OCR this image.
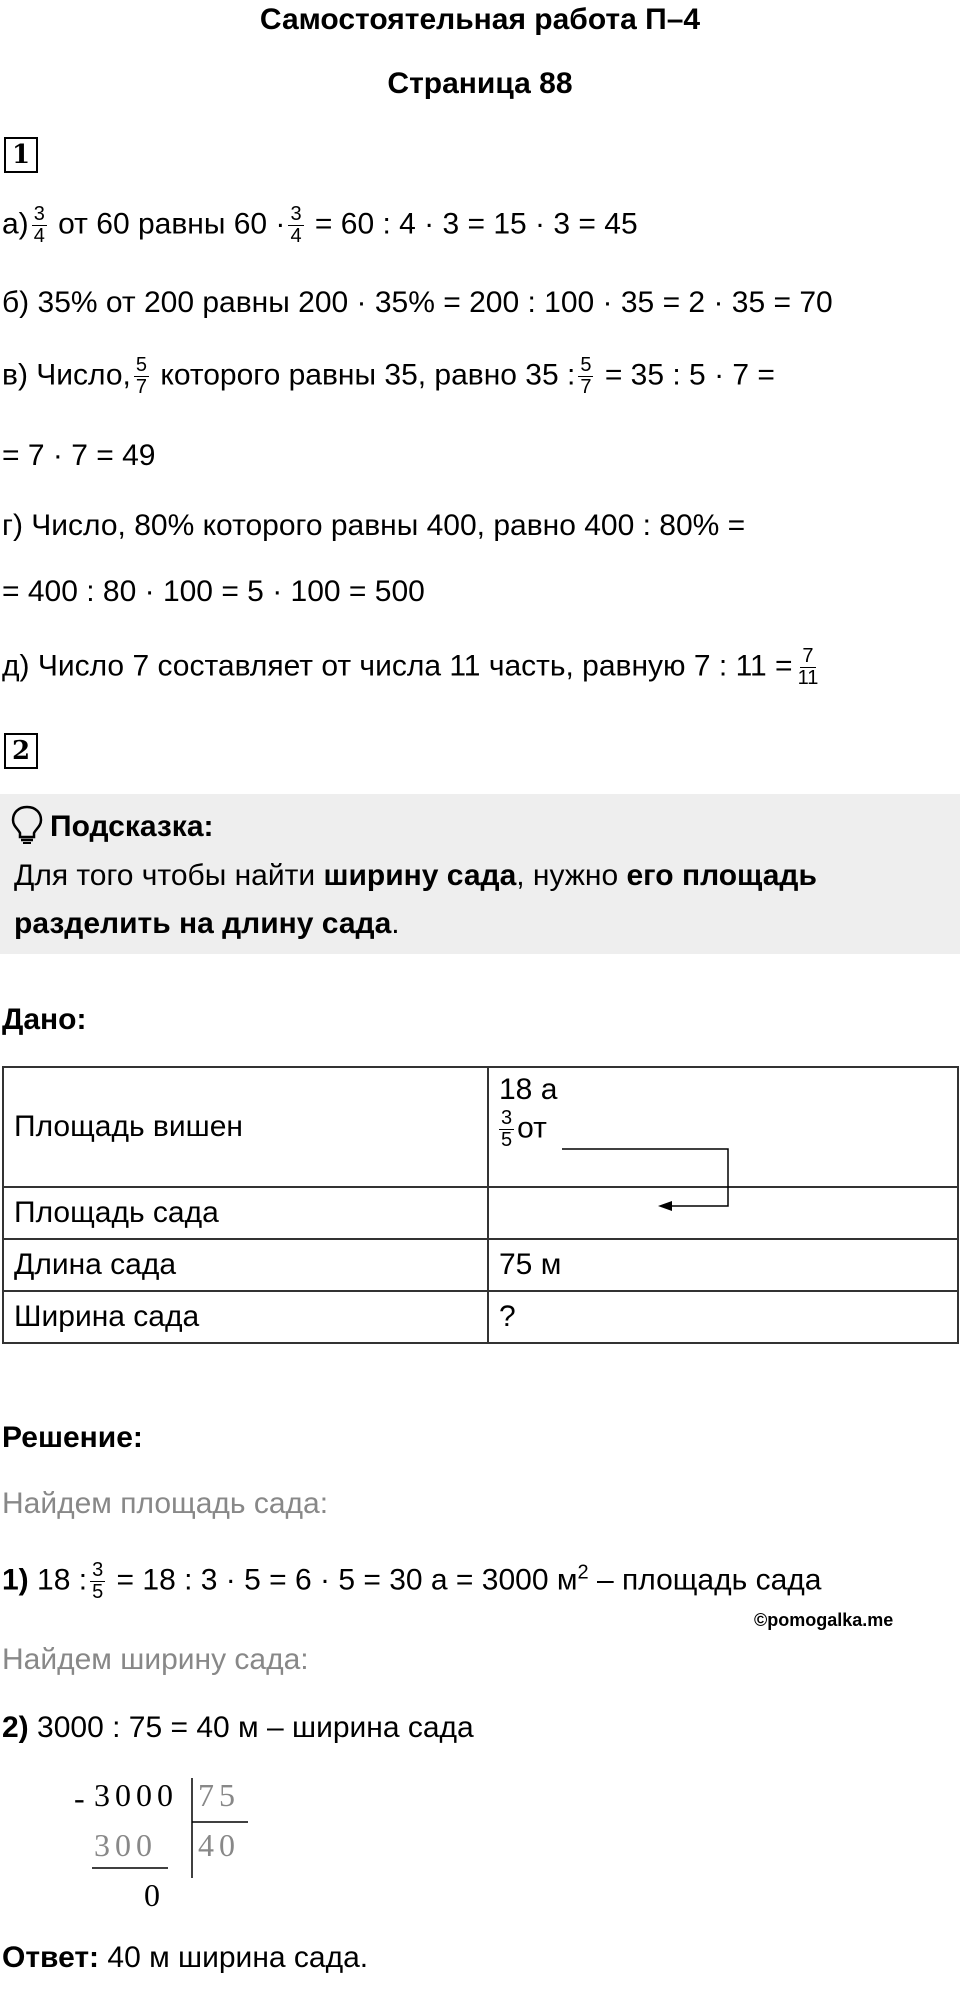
Самостоятельная работа П–4
Страница 88
1
$а) \frac{3}{4}$ от 60 равны $60 \cdot \frac{3}{4} = 60$ : 4 · 3 = 15 · 3 = 45
б) 35% от 200 равны 200 · 35% = 200 : 100 · 35 = 2 · 35 = 70
в) Число, $\frac{5}{7}$ которого равны 35, равно 35 : $\frac{5}{7} = 35$ : 5 · 7 =
= 7 · 7 = 49
г) Число, 80% которого равны 400, равно 400 : 80% =
= 400 : 80 · 100 = 5 · 100 = 500
д) Число 7 составляет от числа 11 часть, равную 7 : $11 = \frac{7}{11}$
2
Подсказка:
Для того чтобы найти ширину сада, нужно его площадь
разделить на длину сада.
Дано:
Площадь вишен	18 а
$\frac{3}{5}$ от

Площадь сада	
Длина сада	75 м
Ширина сада	?
Решение:
Найдем площадь сада:
1) 18 : $\frac{3}{5} = 18$ : 3 · 5 = 6 · 5 = 30 а = 3000 $м^2$ – площадь сада
©pomogalka.me
Найдем ширину сада:
2) 3000 : 75 = 40 м – ширина сада
- 3000 75
300 40
0
Ответ: 40 м ширина сада.
